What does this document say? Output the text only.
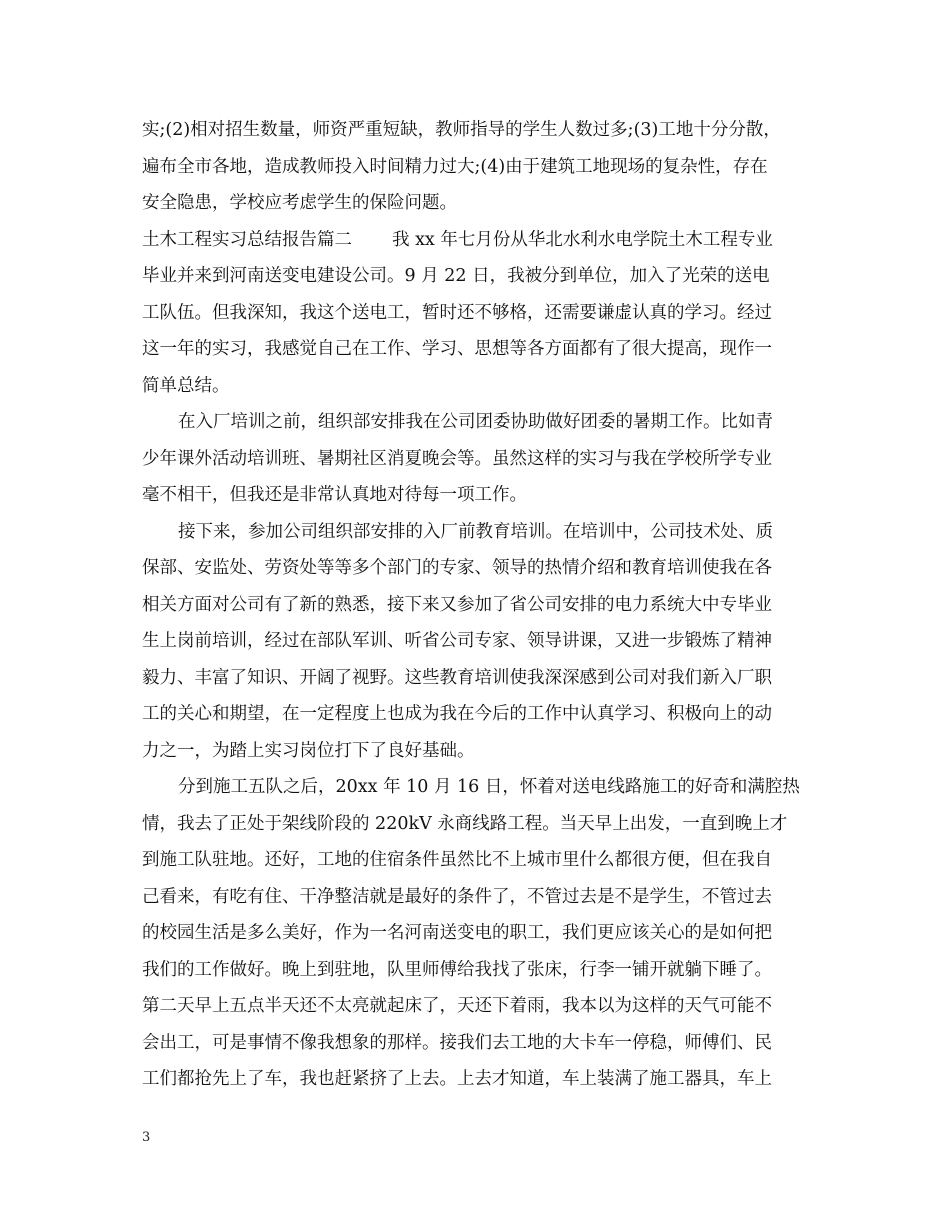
实;(2)相对招生数量，师资严重短缺，教师指导的学生人数过多;(3)工地十分分散，
遍布全市各地，造成教师投入时间精力过大;(4)由于建筑工地现场的复杂性，存在
安全隐患，学校应考虑学生的保险问题。
土木工程实习总结报告篇二 我 xx 年七月份从华北水利水电学院土木工程专业
毕业并来到河南送变电建设公司。9 月 22 日，我被分到单位，加入了光荣的送电
工队伍。但我深知，我这个送电工，暂时还不够格，还需要谦虚认真的学习。经过
这一年的实习，我感觉自己在工作、学习、思想等各方面都有了很大提高，现作一
简单总结。
在入厂培训之前，组织部安排我在公司团委协助做好团委的暑期工作。比如青
少年课外活动培训班、暑期社区消夏晚会等。虽然这样的实习与我在学校所学专业
毫不相干，但我还是非常认真地对待每一项工作。
接下来，参加公司组织部安排的入厂前教育培训。在培训中，公司技术处、质
保部、安监处、劳资处等等多个部门的专家、领导的热情介绍和教育培训使我在各
相关方面对公司有了新的熟悉，接下来又参加了省公司安排的电力系统大中专毕业
生上岗前培训，经过在部队军训、听省公司专家、领导讲课，又进一步锻炼了精神
毅力、丰富了知识、开阔了视野。这些教育培训使我深深感到公司对我们新入厂职
工的关心和期望，在一定程度上也成为我在今后的工作中认真学习、积极向上的动
力之一，为踏上实习岗位打下了良好基础。
分到施工五队之后，20xx 年 10 月 16 日，怀着对送电线路施工的好奇和满腔热
情，我去了正处于架线阶段的 220kV 永商线路工程。当天早上出发，一直到晚上才
到施工队驻地。还好，工地的住宿条件虽然比不上城市里什么都很方便，但在我自
己看来，有吃有住、干净整洁就是最好的条件了，不管过去是不是学生，不管过去
的校园生活是多么美好，作为一名河南送变电的职工，我们更应该关心的是如何把
我们的工作做好。晚上到驻地，队里师傅给我找了张床，行李一铺开就躺下睡了。
第二天早上五点半天还不太亮就起床了，天还下着雨，我本以为这样的天气可能不
会出工，可是事情不像我想象的那样。接我们去工地的大卡车一停稳，师傅们、民
工们都抢先上了车，我也赶紧挤了上去。上去才知道，车上装满了施工器具，车上
3
